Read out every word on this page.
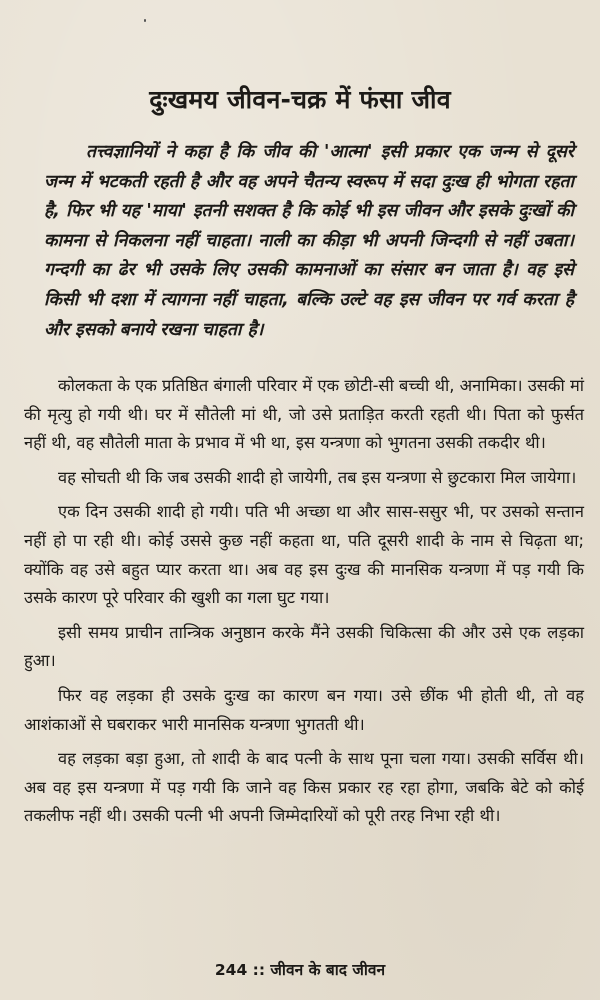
दुःखमय जीवन-चक्र में फंसा जीव

तत्त्वज्ञानियों ने कहा है कि जीव की 'आत्मा' इसी प्रकार एक जन्म से दूसरे जन्म में भटकती रहती है और वह अपने चैतन्य स्वरूप में सदा दुःख ही भोगता रहता है, फिर भी यह 'माया' इतनी सशक्त है कि कोई भी इस जीवन और इसके दुःखों की कामना से निकलना नहीं चाहता। नाली का कीड़ा भी अपनी जिन्दगी से नहीं उबता। गन्दगी का ढेर भी उसके लिए उसकी कामनाओं का संसार बन जाता है। वह इसे किसी भी दशा में त्यागना नहीं चाहता, बल्कि उल्टे वह इस जीवन पर गर्व करता है और इसको बनाये रखना चाहता है।

कोलकता के एक प्रतिष्ठित बंगाली परिवार में एक छोटी-सी बच्ची थी, अनामिका। उसकी मां की मृत्यु हो गयी थी। घर में सौतेली मां थी, जो उसे प्रताड़ित करती रहती थी। पिता को फुर्सत नहीं थी, वह सौतेली माता के प्रभाव में भी था, इस यन्त्रणा को भुगतना उसकी तकदीर थी।

वह सोचती थी कि जब उसकी शादी हो जायेगी, तब इस यन्त्रणा से छुटकारा मिल जायेगा।

एक दिन उसकी शादी हो गयी। पति भी अच्छा था और सास-ससुर भी, पर उसको सन्तान नहीं हो पा रही थी। कोई उससे कुछ नहीं कहता था, पति दूसरी शादी के नाम से चिढ़ता था; क्योंकि वह उसे बहुत प्यार करता था। अब वह इस दुःख की मानसिक यन्त्रणा में पड़ गयी कि उसके कारण पूरे परिवार की खुशी का गला घुट गया।

इसी समय प्राचीन तान्त्रिक अनुष्ठान करके मैंने उसकी चिकित्सा की और उसे एक लड़का हुआ।

फिर वह लड़का ही उसके दुःख का कारण बन गया। उसे छींक भी होती थी, तो वह आशंकाओं से घबराकर भारी मानसिक यन्त्रणा भुगतती थी।

वह लड़का बड़ा हुआ, तो शादी के बाद पत्नी के साथ पूना चला गया। उसकी सर्विस थी। अब वह इस यन्त्रणा में पड़ गयी कि जाने वह किस प्रकार रह रहा होगा, जबकि बेटे को कोई तकलीफ नहीं थी। उसकी पत्नी भी अपनी जिम्मेदारियों को पूरी तरह निभा रही थी।

244 :: जीवन के बाद जीवन
